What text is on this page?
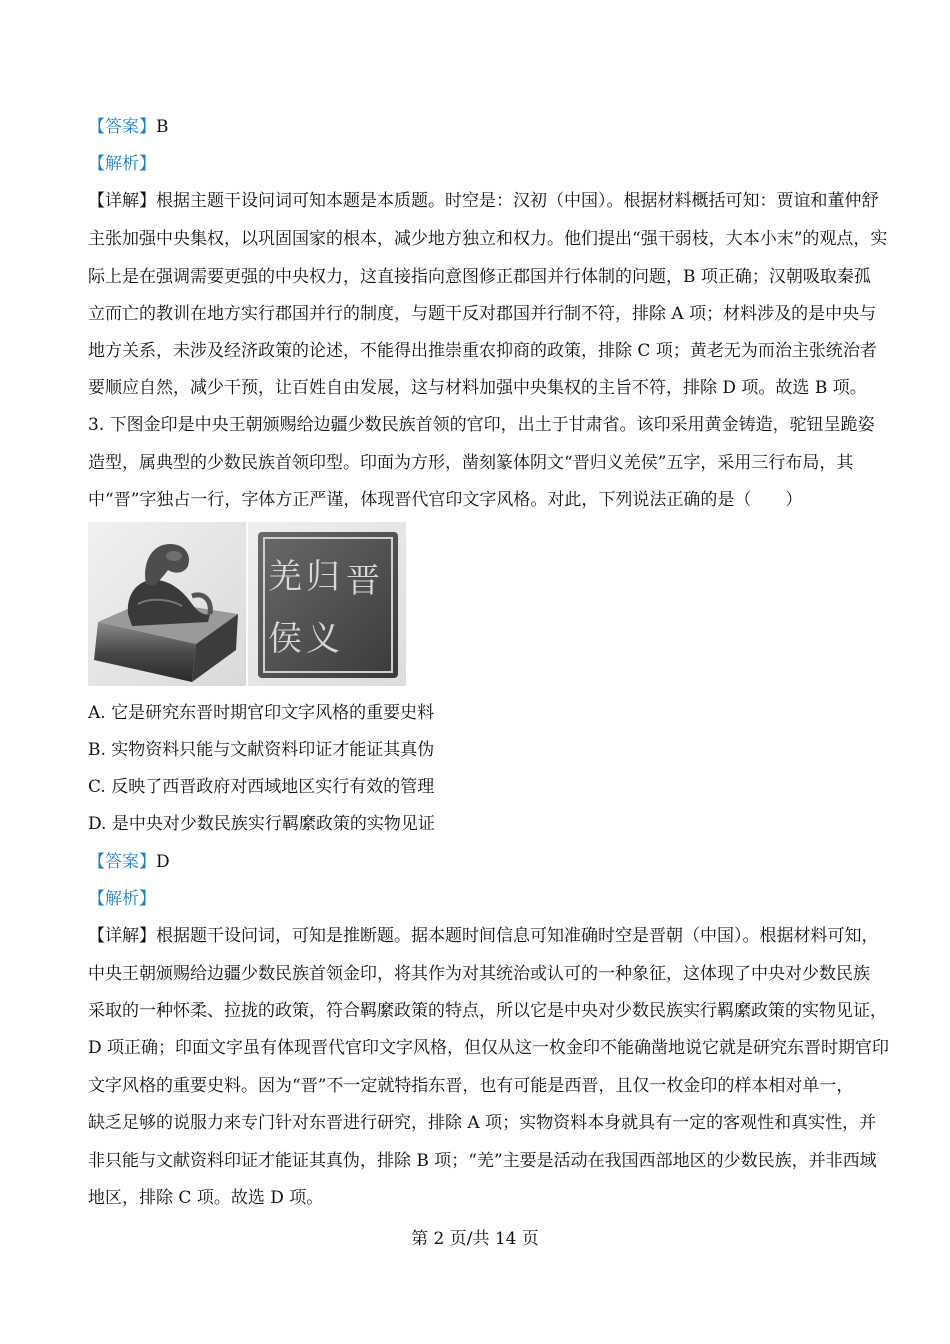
【答案】B
【解析】
【详解】根据主题干设问词可知本题是本质题。时空是：汉初（中国）。根据材料概括可知：贾谊和董仲舒
主张加强中央集权，以巩固国家的根本，减少地方独立和权力。他们提出“强干弱枝，大本小末”的观点，实
际上是在强调需要更强的中央权力，这直接指向意图修正郡国并行体制的问题，B 项正确；汉朝吸取秦孤
立而亡的教训在地方实行郡国并行的制度，与题干反对郡国并行制不符，排除 A 项；材料涉及的是中央与
地方关系，未涉及经济政策的论述，不能得出推崇重农抑商的政策，排除 C 项；黄老无为而治主张统治者
要顺应自然，减少干预，让百姓自由发展，这与材料加强中央集权的主旨不符，排除 D 项。故选 B 项。
3. 下图金印是中央王朝颁赐给边疆少数民族首领的官印，出土于甘肃省。该印采用黄金铸造，驼钮呈跪姿
造型，属典型的少数民族首领印型。印面为方形，凿刻篆体阴文“晋归义羌侯”五字，采用三行布局，其
中“晋”字独占一行，字体方正严谨，体现晋代官印文字风格。对此，下列说法正确的是（　　）
晋
归
义
羌
侯
A. 它是研究东晋时期官印文字风格的重要史料
B. 实物资料只能与文献资料印证才能证其真伪
C. 反映了西晋政府对西域地区实行有效的管理
D. 是中央对少数民族实行羁縻政策的实物见证
【答案】D
【解析】
【详解】根据题干设问词，可知是推断题。据本题时间信息可知准确时空是晋朝（中国）。根据材料可知，
中央王朝颁赐给边疆少数民族首领金印，将其作为对其统治或认可的一种象征，这体现了中央对少数民族
采取的一种怀柔、拉拢的政策，符合羁縻政策的特点，所以它是中央对少数民族实行羁縻政策的实物见证，
D 项正确；印面文字虽有体现晋代官印文字风格，但仅从这一枚金印不能确凿地说它就是研究东晋时期官印
文字风格的重要史料。因为“晋”不一定就特指东晋，也有可能是西晋，且仅一枚金印的样本相对单一，
缺乏足够的说服力来专门针对东晋进行研究，排除 A 项；实物资料本身就具有一定的客观性和真实性，并
非只能与文献资料印证才能证其真伪，排除 B 项；“羌”主要是活动在我国西部地区的少数民族，并非西域
地区，排除 C 项。故选 D 项。
第 2 页/共 14 页
